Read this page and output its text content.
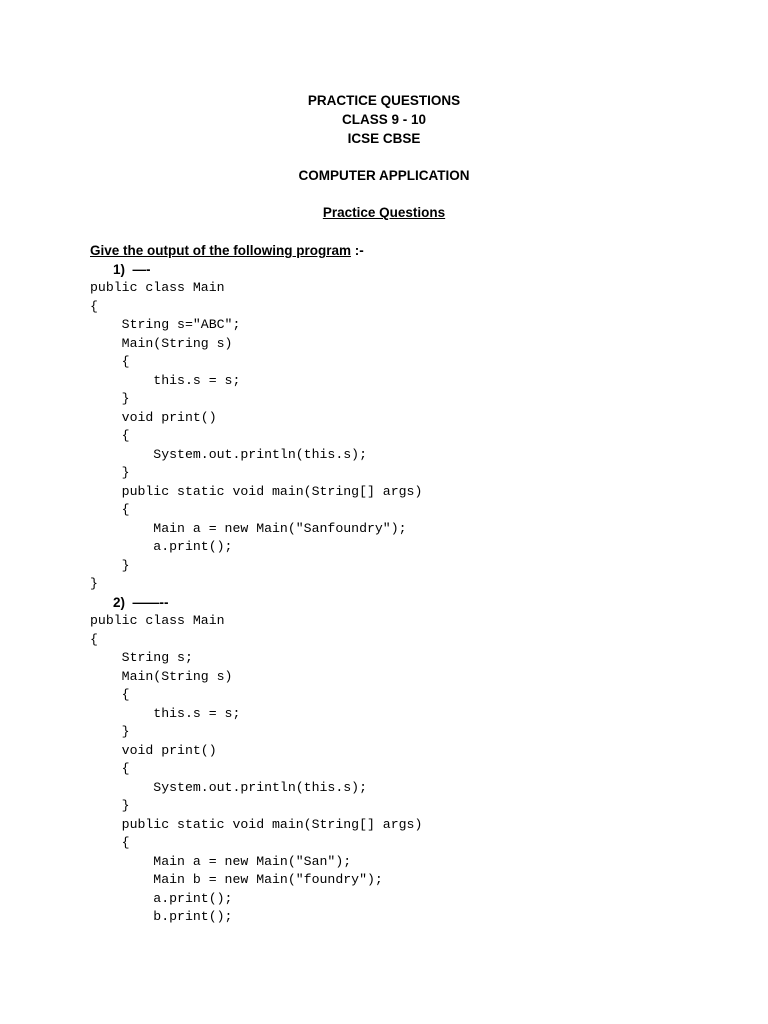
PRACTICE QUESTIONS

CLASS 9 - 10

ICSE CBSE

COMPUTER APPLICATION

Practice Questions

Give the output of the following program :-
1)  —-
public class Main
{
String s="ABC";
Main(String s)
{
this.s = s;
}
void print()
{
System.out.println(this.s);
}
public static void main(String[] args)
{
Main a = new Main("Sanfoundry");
a.print();
}
}
2)  ——--
public class Main
{
String s;
Main(String s)
{
this.s = s;
}
void print()
{
System.out.println(this.s);
}
public static void main(String[] args)
{
Main a = new Main("San");
Main b = new Main("foundry");
a.print();
b.print();
